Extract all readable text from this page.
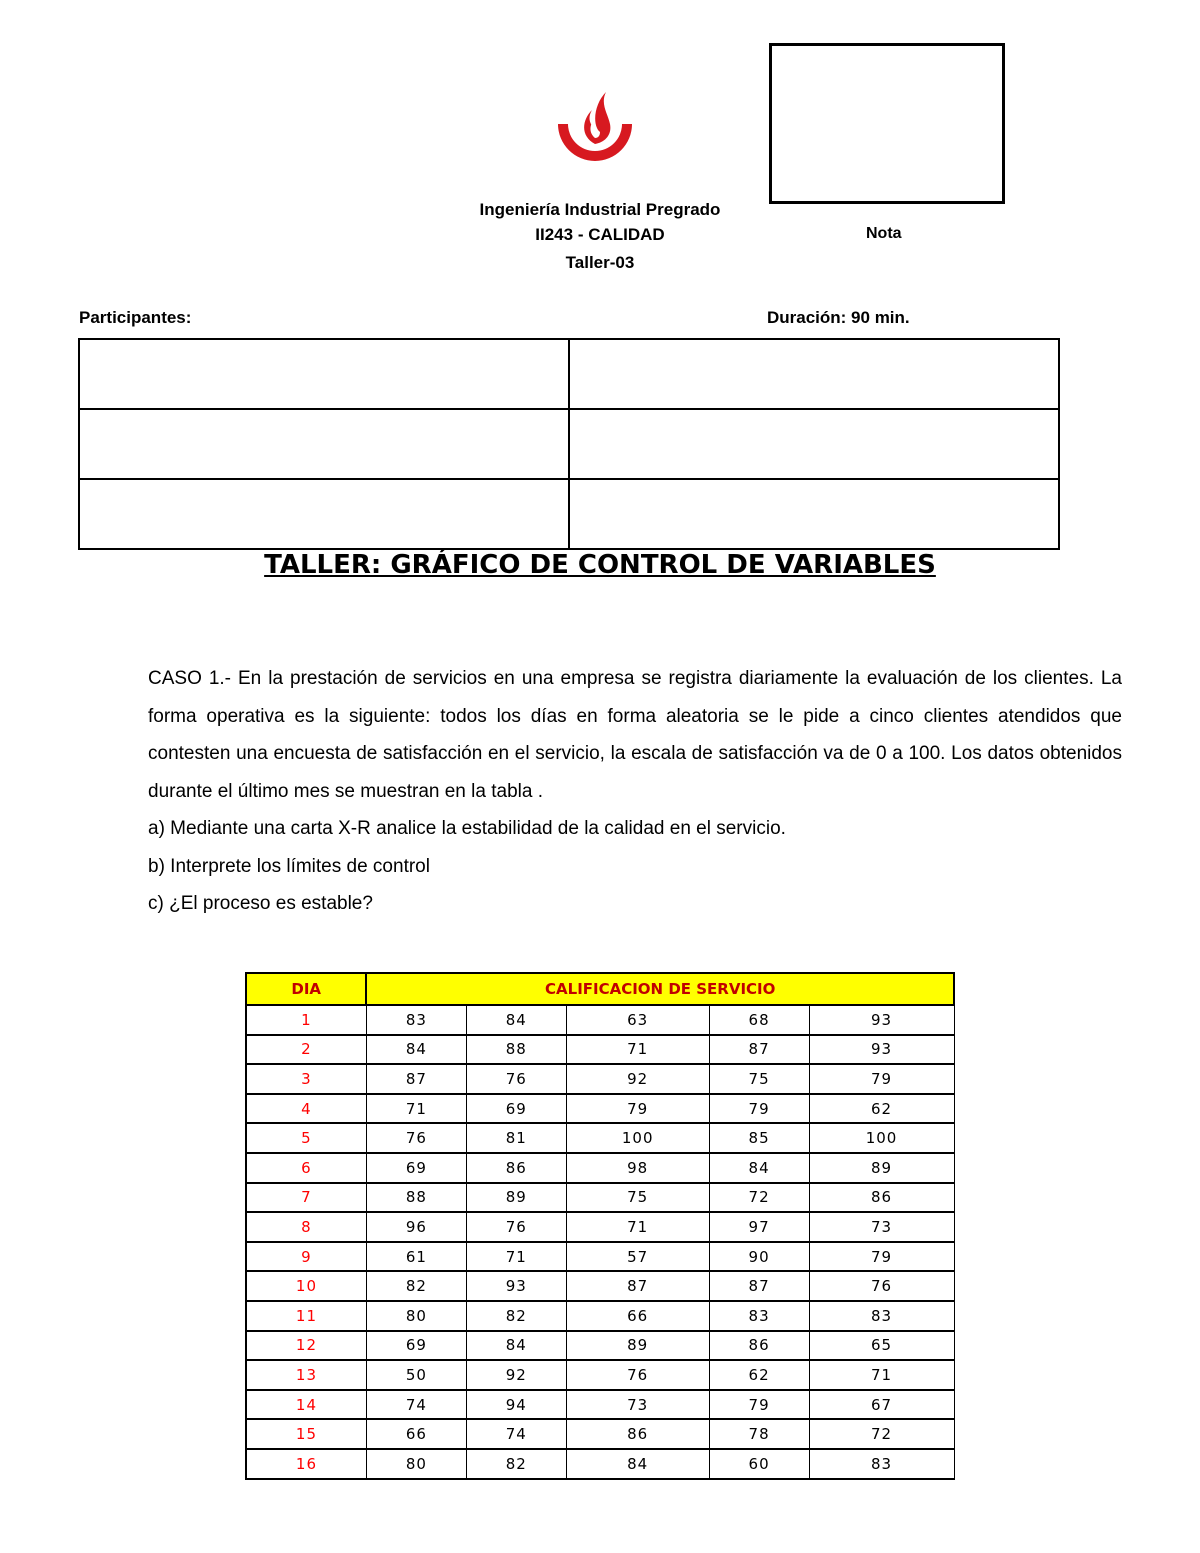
Nota
Ingeniería Industrial Pregrado
II243 - CALIDAD
Taller-03
Participantes:	Duración: 90 min.

TALLER: GRÁFICO DE CONTROL DE VARIABLES

CASO 1.- En la prestación de servicios en una empresa se registra diariamente la evaluación de los clientes. La forma operativa es la siguiente: todos los días en forma aleatoria se le pide a cinco clientes atendidos que contesten una encuesta de satisfacción en el servicio, la escala de satisfacción va de 0 a 100. Los datos obtenidos durante el último mes se muestran en la tabla .

a) Mediante una carta X-R analice la estabilidad de la calidad en el servicio.

b) Interprete los límites de control

c) ¿El proceso es estable?

DIA	CALIFICACION DE SERVICIO				
1	83	84	63	68	93
2	84	88	71	87	93
3	87	76	92	75	79
4	71	69	79	79	62
5	76	81	100	85	100
6	69	86	98	84	89
7	88	89	75	72	86
8	96	76	71	97	73
9	61	71	57	90	79
10	82	93	87	87	76
11	80	82	66	83	83
12	69	84	89	86	65
13	50	92	76	62	71
14	74	94	73	79	67
15	66	74	86	78	72
16	80	82	84	60	83
